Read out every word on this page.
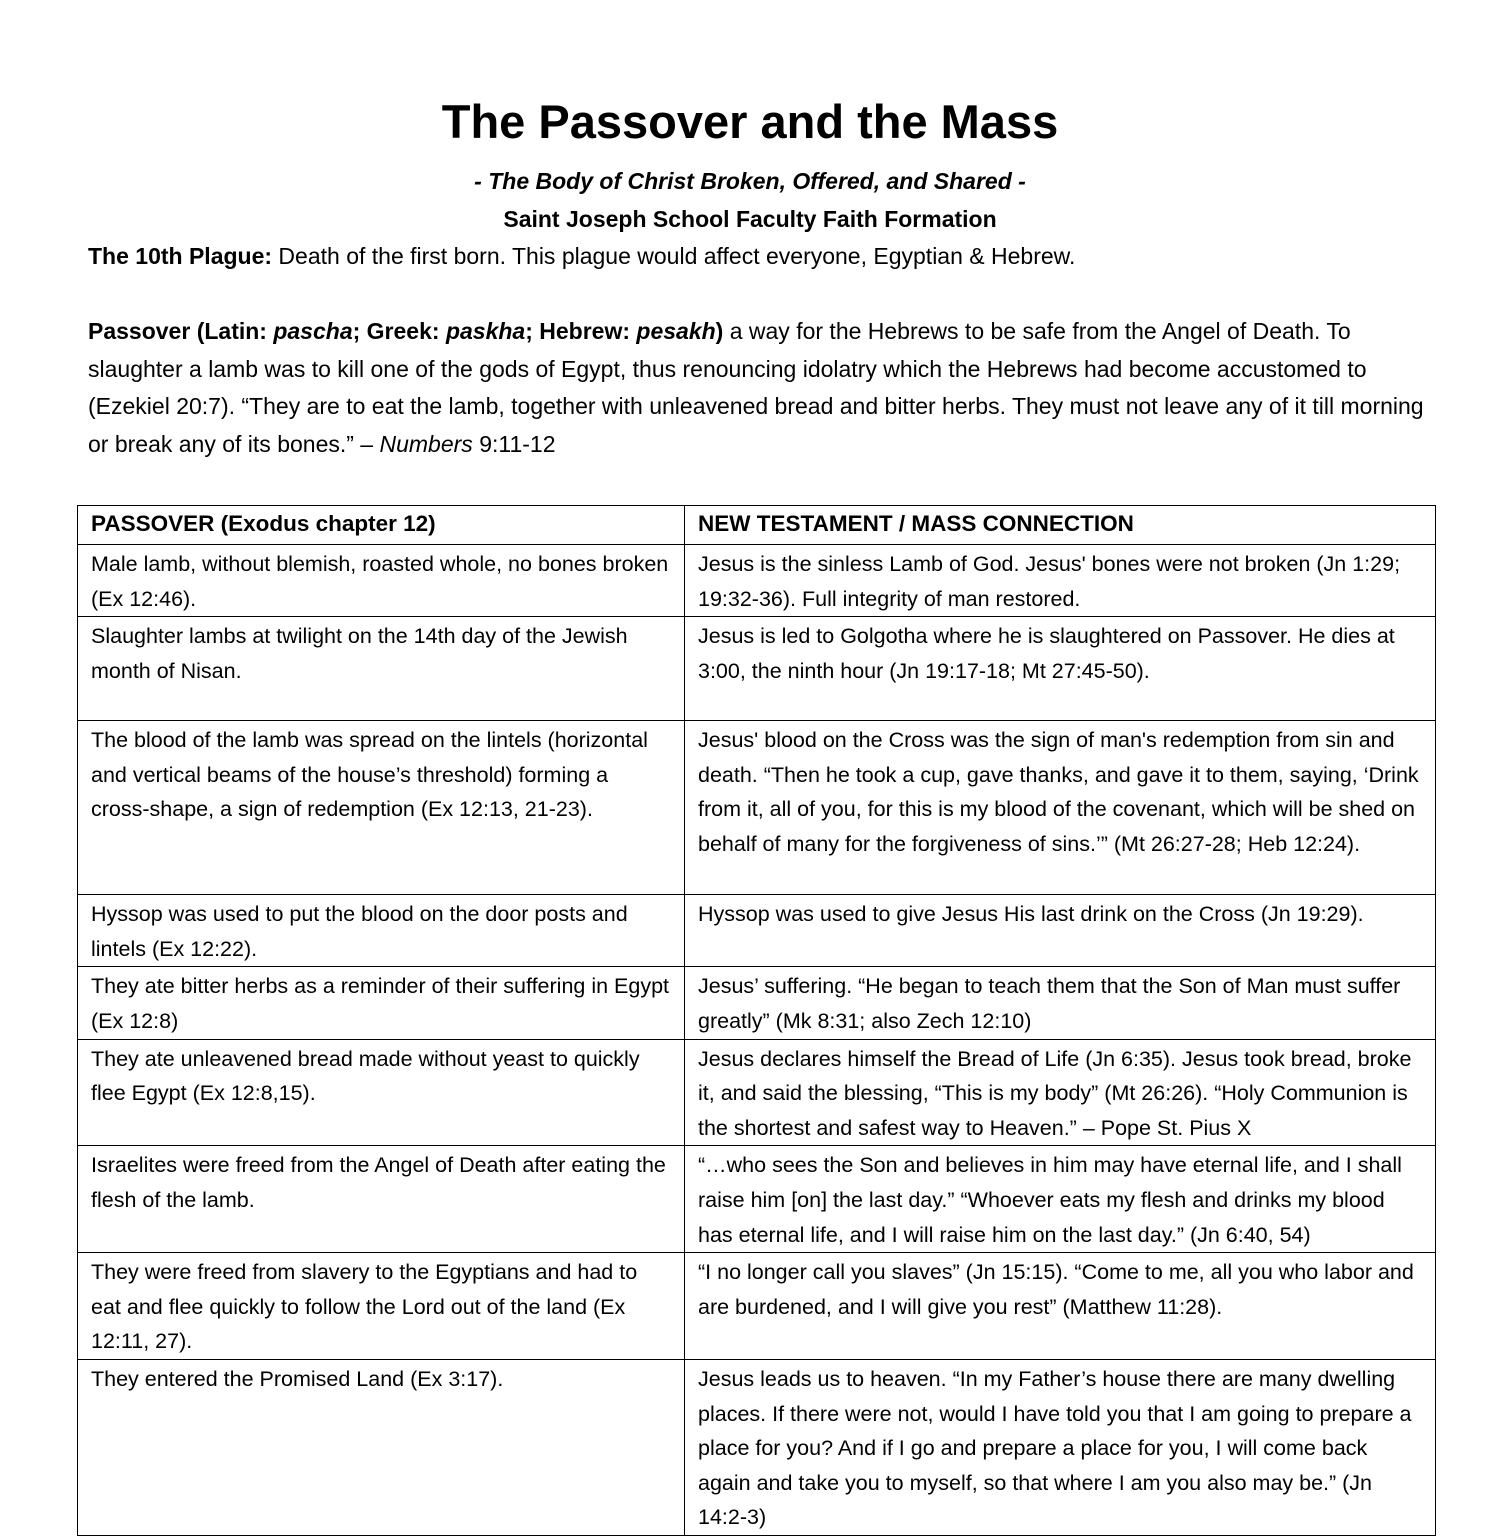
The Passover and the Mass
- The Body of Christ Broken, Offered, and Shared -
Saint Joseph School Faculty Faith Formation
The 10th Plague: Death of the first born. This plague would affect everyone, Egyptian & Hebrew.
Passover (Latin: pascha; Greek: paskha; Hebrew: pesakh) a way for the Hebrews to be safe from the Angel of Death. To slaughter a lamb was to kill one of the gods of Egypt, thus renouncing idolatry which the Hebrews had become accustomed to (Ezekiel 20:7). “They are to eat the lamb, together with unleavened bread and bitter herbs. They must not leave any of it till morning or break any of its bones.” – Numbers 9:11-12
PASSOVER (Exodus chapter 12)	NEW TESTAMENT / MASS CONNECTION
Male lamb, without blemish, roasted whole, no bones broken (Ex 12:46).	Jesus is the sinless Lamb of God. Jesus' bones were not broken (Jn 1:29; 19:32-36). Full integrity of man restored.
Slaughter lambs at twilight on the 14th day of the Jewish month of Nisan.	Jesus is led to Golgotha where he is slaughtered on Passover. He dies at 3:00, the ninth hour (Jn 19:17-18; Mt 27:45-50).
The blood of the lamb was spread on the lintels (horizontal and vertical beams of the house’s threshold) forming a cross-shape, a sign of redemption (Ex 12:13, 21-23).	Jesus' blood on the Cross was the sign of man's redemption from sin and death. “Then he took a cup, gave thanks, and gave it to them, saying, ‘Drink from it, all of you, for this is my blood of the covenant, which will be shed on behalf of many for the forgiveness of sins.’” (Mt 26:27-28; Heb 12:24).
Hyssop was used to put the blood on the door posts and lintels (Ex 12:22).	Hyssop was used to give Jesus His last drink on the Cross (Jn 19:29).
They ate bitter herbs as a reminder of their suffering in Egypt (Ex 12:8)	Jesus’ suffering. “He began to teach them that the Son of Man must suffer greatly” (Mk 8:31; also Zech 12:10)
They ate unleavened bread made without yeast to quickly flee Egypt (Ex 12:8,15).	Jesus declares himself the Bread of Life (Jn 6:35). Jesus took bread, broke it, and said the blessing, “This is my body” (Mt 26:26). “Holy Communion is the shortest and safest way to Heaven.” – Pope St. Pius X
Israelites were freed from the Angel of Death after eating the flesh of the lamb.	“…who sees the Son and believes in him may have eternal life, and I shall raise him [on] the last day.” “Whoever eats my flesh and drinks my blood has eternal life, and I will raise him on the last day.” (Jn 6:40, 54)
They were freed from slavery to the Egyptians and had to eat and flee quickly to follow the Lord out of the land (Ex 12:11, 27).	“I no longer call you slaves” (Jn 15:15). “Come to me, all you who labor and are burdened, and I will give you rest” (Matthew 11:28).
They entered the Promised Land (Ex 3:17).	Jesus leads us to heaven. “In my Father’s house there are many dwelling places. If there were not, would I have told you that I am going to prepare a place for you? And if I go and prepare a place for you, I will come back again and take you to myself, so that where I am you also may be.” (Jn 14:2-3)
